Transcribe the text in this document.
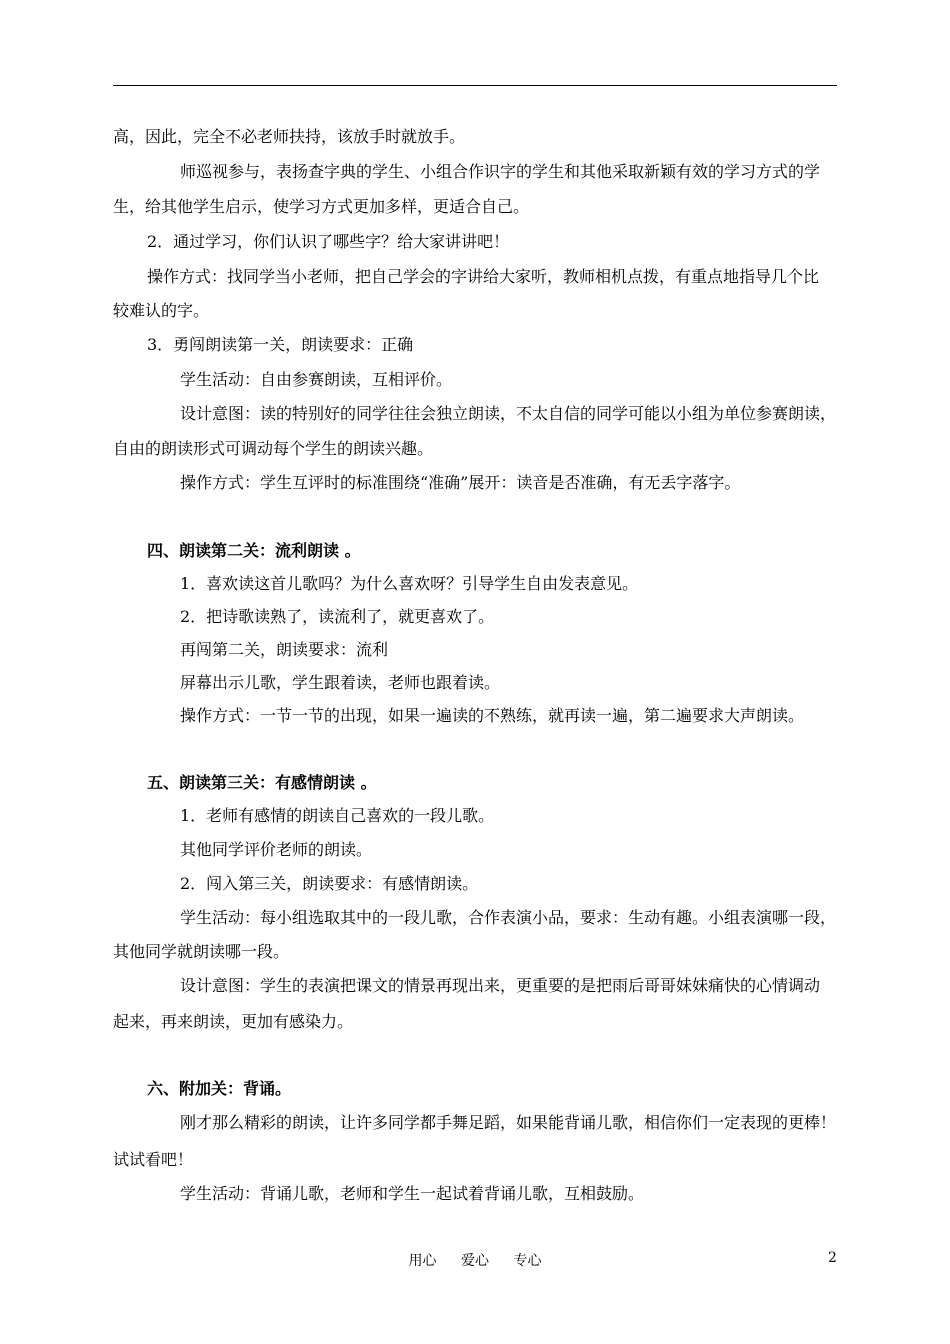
高，因此，完全不必老师扶持，该放手时就放手。
师巡视参与，表扬查字典的学生、小组合作识字的学生和其他采取新颖有效的学习方式的学
生，给其他学生启示，使学习方式更加多样，更适合自己。
2．通过学习，你们认识了哪些字？给大家讲讲吧！
操作方式：找同学当小老师，把自己学会的字讲给大家听，教师相机点拨，有重点地指导几个比
较难认的字。
3．勇闯朗读第一关，朗读要求：正确
学生活动：自由参赛朗读，互相评价。
设计意图：读的特别好的同学往往会独立朗读，不太自信的同学可能以小组为单位参赛朗读，
自由的朗读形式可调动每个学生的朗读兴趣。
操作方式：学生互评时的标准围绕“准确”展开：读音是否准确，有无丢字落字。
四、朗读第二关：流利朗读 。
1．喜欢读这首儿歌吗？为什么喜欢呀？引导学生自由发表意见。
2．把诗歌读熟了，读流利了，就更喜欢了。
再闯第二关，朗读要求：流利
屏幕出示儿歌，学生跟着读，老师也跟着读。
操作方式：一节一节的出现，如果一遍读的不熟练，就再读一遍，第二遍要求大声朗读。
五、朗读第三关：有感情朗读 。
1．老师有感情的朗读自己喜欢的一段儿歌。
其他同学评价老师的朗读。
2．闯入第三关，朗读要求：有感情朗读。
学生活动：每小组选取其中的一段儿歌，合作表演小品，要求：生动有趣。小组表演哪一段，
其他同学就朗读哪一段。
设计意图：学生的表演把课文的情景再现出来，更重要的是把雨后哥哥妹妹痛快的心情调动
起来，再来朗读，更加有感染力。
六、附加关：背诵。
刚才那么精彩的朗读，让许多同学都手舞足蹈，如果能背诵儿歌，相信你们一定表现的更棒！
试试看吧！
学生活动：背诵儿歌，老师和学生一起试着背诵儿歌，互相鼓励。
用心 爱心 专心	2
